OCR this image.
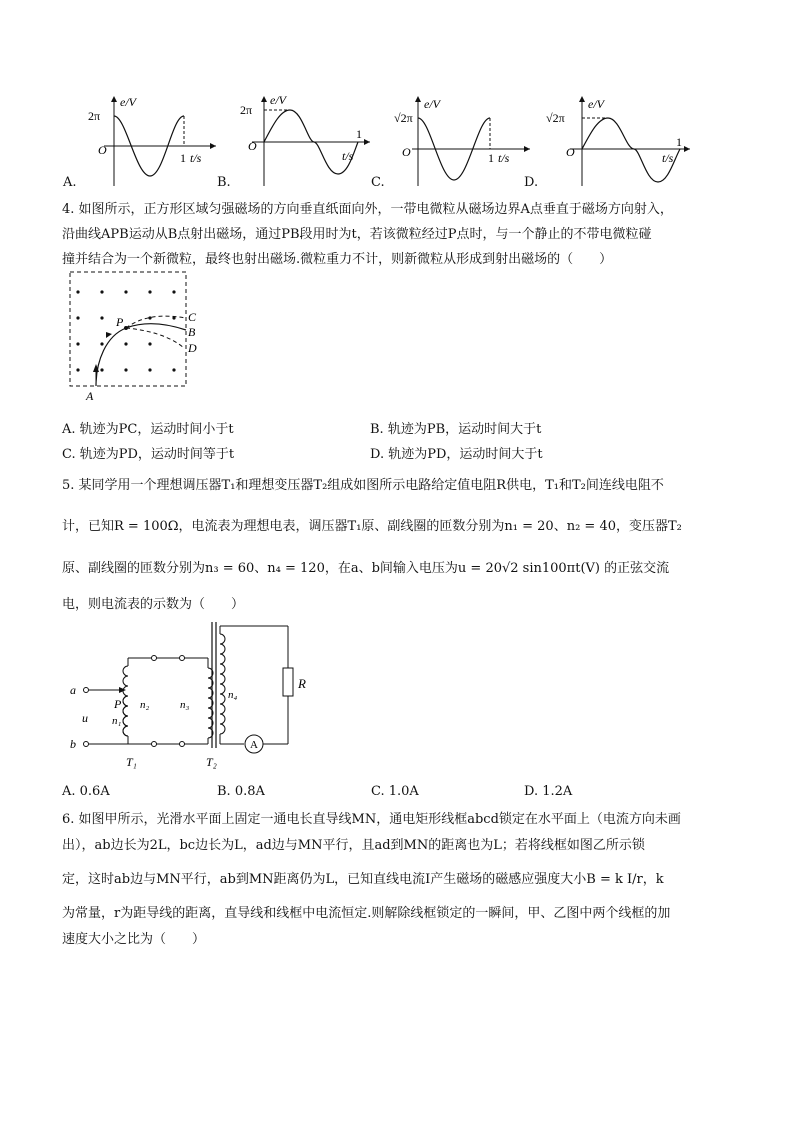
2π
e/V
O
1 t/s
2π
e/V
O
1
t/s
√2π
e/V
O	1 t/s
√2π
e/V
O
1
t/s
A.	B.	C.	D.
4. 如图所示，正方形区域匀强磁场的方向垂直纸面向外，一带电微粒从磁场边界A点垂直于磁场方向射入，
沿曲线APB运动从B点射出磁场，通过PB段用时为t，若该微粒经过P点时，与一个静止的不带电微粒碰
撞并结合为一个新微粒，最终也射出磁场.微粒重力不计，则新微粒从形成到射出磁场的（　　）
P	C
B
D
A
A. 轨迹为PC，运动时间小于t	B. 轨迹为PB，运动时间大于t
C. 轨迹为PD，运动时间等于t	D. 轨迹为PD，运动时间大于t
5. 某同学用一个理想调压器T₁和理想变压器T₂组成如图所示电路给定值电阻R供电，T₁和T₂间连线电阻不
计，已知R = 100Ω，电流表为理想电表，调压器T₁原、副线圈的匝数分别为n₁ = 20、n₂ = 40，变压器T₂
原、副线圈的匝数分别为n₃ = 60、n₄ = 120，在a、b间输入电压为u = 20√2 sin100πt(V) 的正弦交流
电，则电流表的示数为（　　）
A
a
b
u
P
n₁
n₂	n₃
n₄
R
T₁	T₂
A. 0.6A	B. 0.8A	C. 1.0A	D. 1.2A
6. 如图甲所示，光滑水平面上固定一通电长直导线MN，通电矩形线框abcd锁定在水平面上（电流方向未画
出），ab边长为2L，bc边长为L，ad边与MN平行，且ad到MN的距离也为L；若将线框如图乙所示锁
定，这时ab边与MN平行，ab到MN距离仍为L，已知直线电流I产生磁场的磁感应强度大小B = k I/r，k
为常量，r为距导线的距离，直导线和线框中电流恒定.则解除线框锁定的一瞬间，甲、乙图中两个线框的加
速度大小之比为（　　）
